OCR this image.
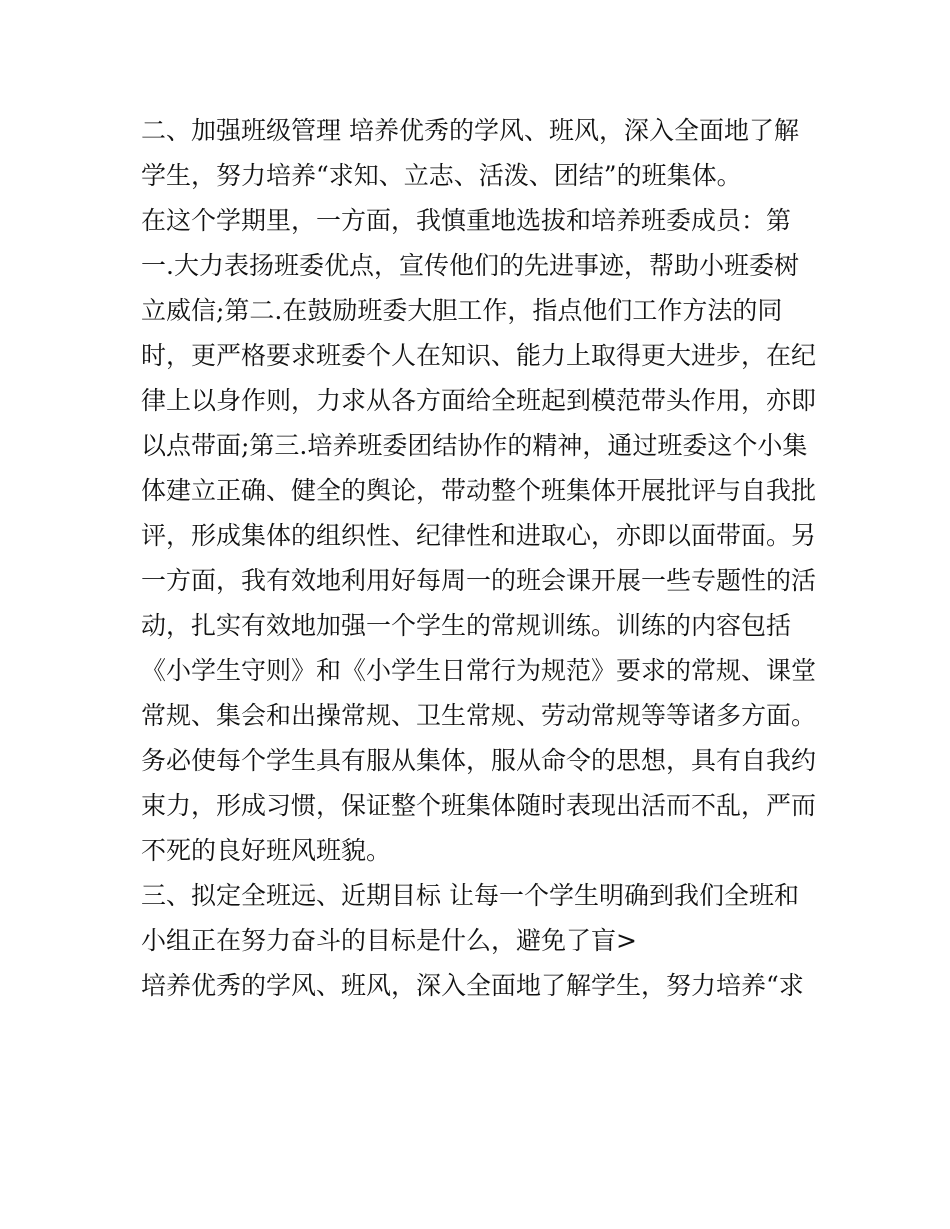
二、加强班级管理 培养优秀的学风、班风，深入全面地了解
学生，努力培养“求知、立志、活泼、团结”的班集体。
在这个学期里，一方面，我慎重地选拔和培养班委成员：第
一.大力表扬班委优点，宣传他们的先进事迹，帮助小班委树
立威信;第二.在鼓励班委大胆工作，指点他们工作方法的同
时，更严格要求班委个人在知识、能力上取得更大进步，在纪
律上以身作则，力求从各方面给全班起到模范带头作用，亦即
以点带面;第三.培养班委团结协作的精神，通过班委这个小集
体建立正确、健全的舆论，带动整个班集体开展批评与自我批
评，形成集体的组织性、纪律性和进取心，亦即以面带面。另
一方面，我有效地利用好每周一的班会课开展一些专题性的活
动，扎实有效地加强一个学生的常规训练。训练的内容包括
《小学生守则》和《小学生日常行为规范》要求的常规、课堂
常规、集会和出操常规、卫生常规、劳动常规等等诸多方面。
务必使每个学生具有服从集体，服从命令的思想，具有自我约
束力，形成习惯，保证整个班集体随时表现出活而不乱，严而
不死的良好班风班貌。
三、拟定全班远、近期目标 让每一个学生明确到我们全班和
小组正在努力奋斗的目标是什么，避免了盲>
培养优秀的学风、班风，深入全面地了解学生，努力培养“求
